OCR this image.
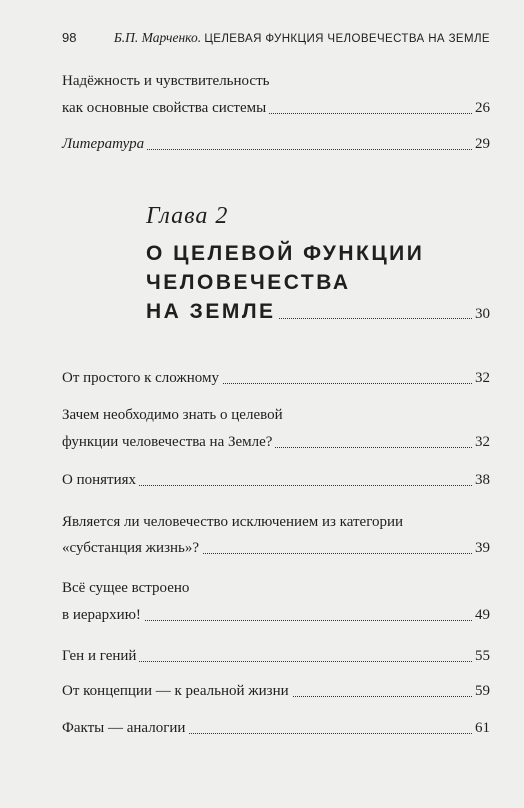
98	Б.П. Марченко. ЦЕЛЕВАЯ ФУНКЦИЯ ЧЕЛОВЕЧЕСТВА НА ЗЕМЛЕ
Надёжность и чувствительность
как основные свойства системы	26
Литература	29
Глава 2
О ЦЕЛЕВОЙ ФУНКЦИИ
ЧЕЛОВЕЧЕСТВА
НА ЗЕМЛЕ	30
От простого к сложному	32
Зачем необходимо знать о целевой
функции человечества на Земле?	32
О понятиях	38
Является ли человечество исключением из категории
«субстанция жизнь»?	39
Всё сущее встроено
в иерархию!	49
Ген и гений	55
От концепции — к реальной жизни	59
Факты — аналогии	61
